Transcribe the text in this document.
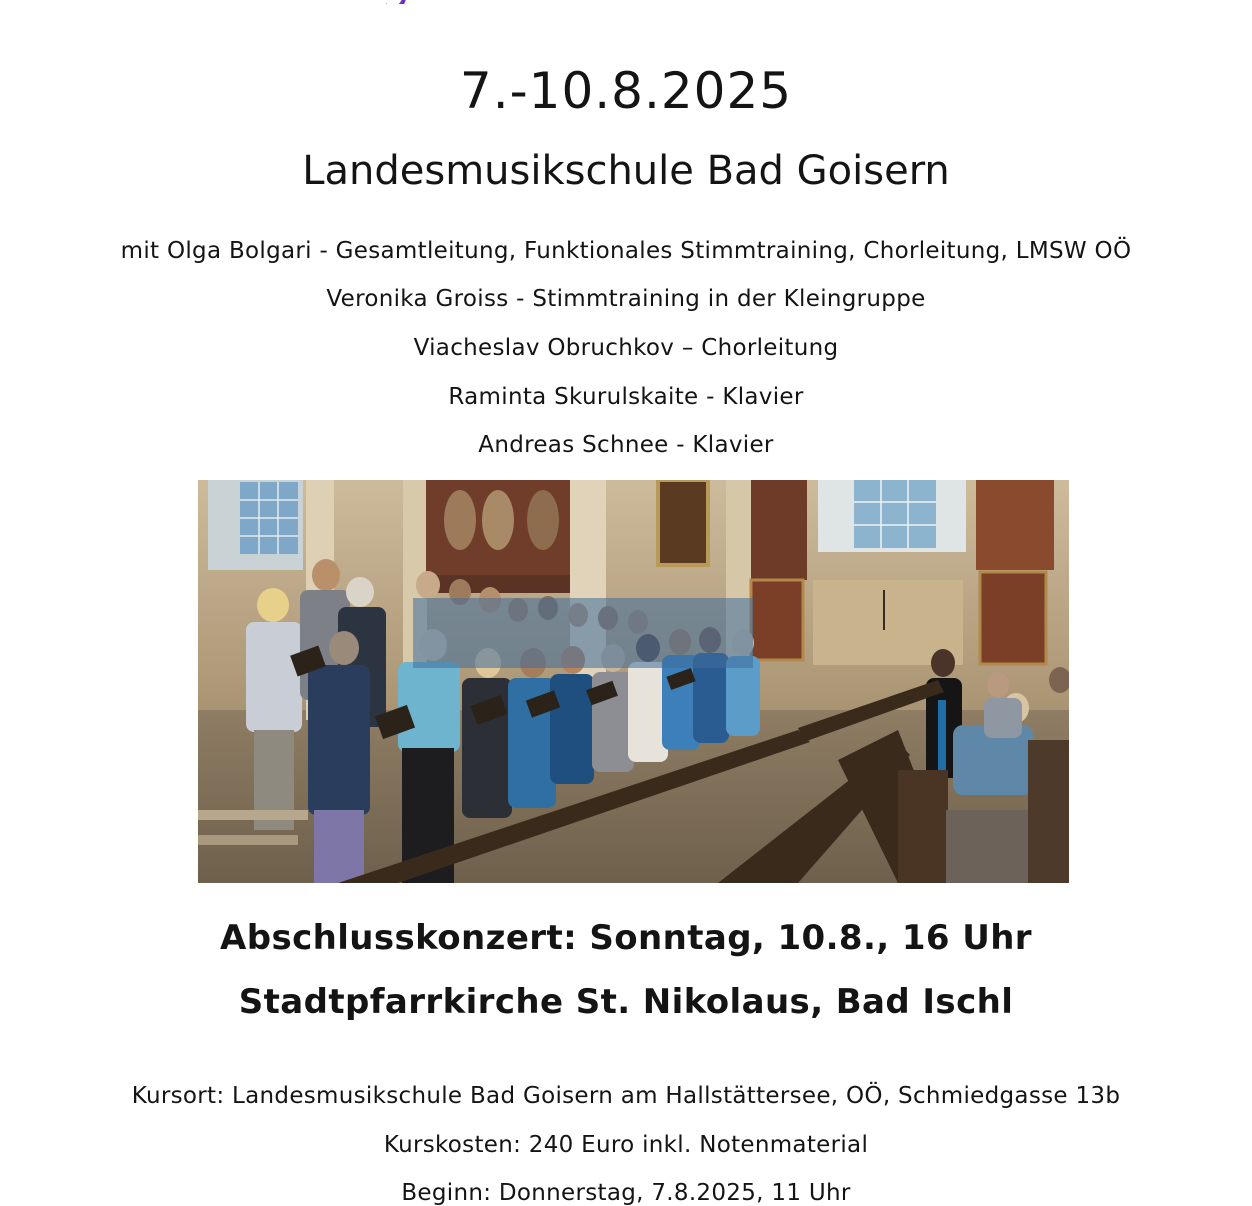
7.-10.8.2025
Landesmusikschule Bad Goisern
mit Olga Bolgari - Gesamtleitung, Funktionales Stimmtraining, Chorleitung, LMSW OÖ
Veronika Groiss - Stimmtraining in der Kleingruppe
Viacheslav Obruchkov – Chorleitung
Raminta Skurulskaite - Klavier
Andreas Schnee - Klavier
Abschlusskonzert: Sonntag, 10.8., 16 Uhr
Stadtpfarrkirche St. Nikolaus, Bad Ischl
Kursort: Landesmusikschule Bad Goisern am Hallstättersee, OÖ, Schmiedgasse 13b
Kurskosten: 240 Euro inkl. Notenmaterial
Beginn: Donnerstag, 7.8.2025, 11 Uhr
